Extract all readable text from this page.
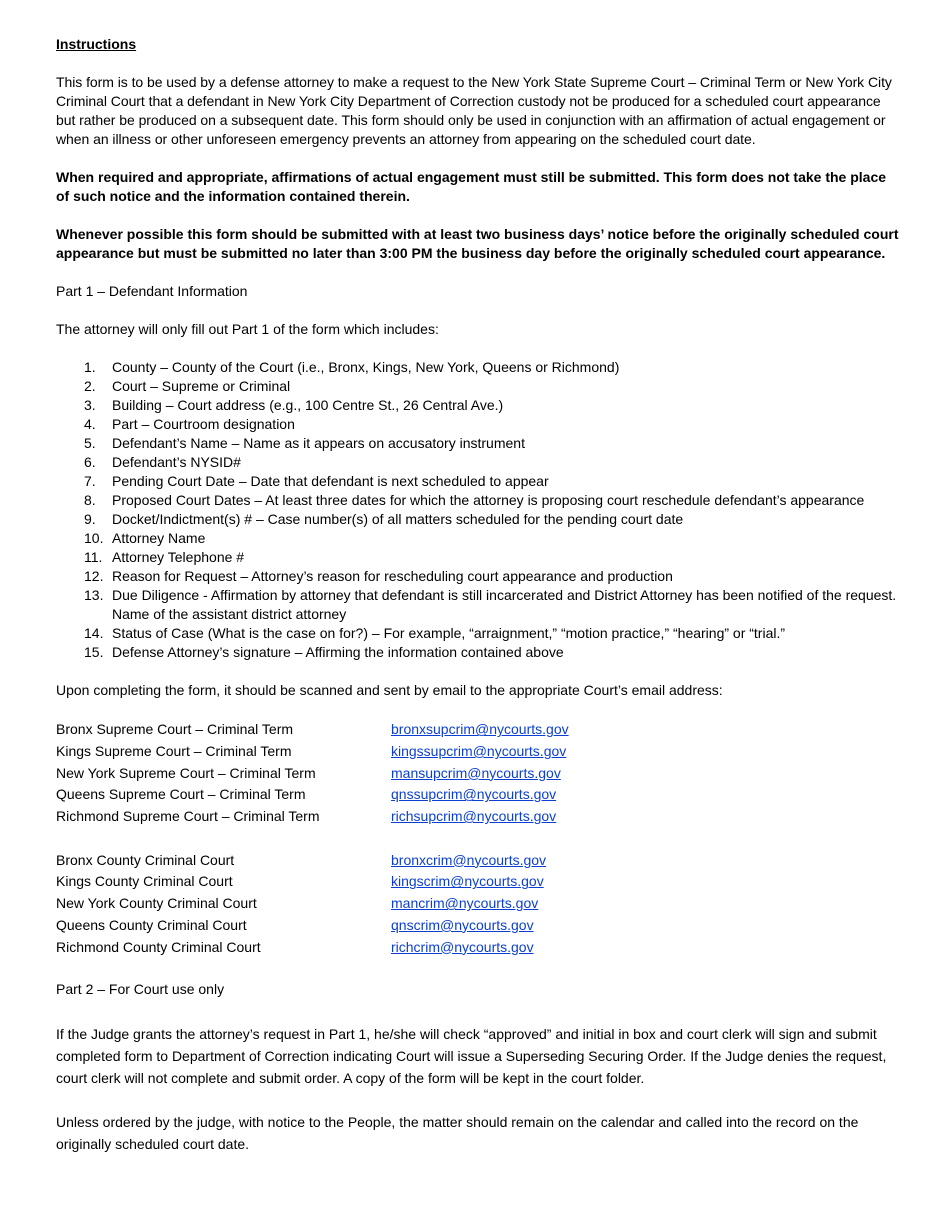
Instructions

This form is to be used by a defense attorney to make a request to the New York State Supreme Court – Criminal Term or New York City Criminal Court that a defendant in New York City Department of Correction custody not be produced for a scheduled court appearance but rather be produced on a subsequent date. This form should only be used in conjunction with an affirmation of actual engagement or when an illness or other unforeseen emergency prevents an attorney from appearing on the scheduled court date.

When required and appropriate, affirmations of actual engagement must still be submitted. This form does not take the place of such notice and the information contained therein.

Whenever possible this form should be submitted with at least two business days’ notice before the originally scheduled court appearance but must be submitted no later than 3:00 PM the business day before the originally scheduled court appearance.

Part 1 – Defendant Information

The attorney will only fill out Part 1 of the form which includes:

1. County – County of the Court (i.e., Bronx, Kings, New York, Queens or Richmond)
2. Court – Supreme or Criminal
3. Building – Court address (e.g., 100 Centre St., 26 Central Ave.)
4. Part – Courtroom designation
5. Defendant’s Name – Name as it appears on accusatory instrument
6. Defendant’s NYSID#
7. Pending Court Date – Date that defendant is next scheduled to appear
8. Proposed Court Dates – At least three dates for which the attorney is proposing court reschedule defendant’s appearance
9. Docket/Indictment(s) # – Case number(s) of all matters scheduled for the pending court date
10. Attorney Name
11. Attorney Telephone #
12. Reason for Request – Attorney’s reason for rescheduling court appearance and production
13. Due Diligence - Affirmation by attorney that defendant is still incarcerated and District Attorney has been notified of the request. Name of the assistant district attorney
14. Status of Case (What is the case on for?) – For example, “arraignment,” “motion practice,” “hearing” or “trial.”
15. Defense Attorney’s signature – Affirming the information contained above

Upon completing the form, it should be scanned and sent by email to the appropriate Court’s email address:

Bronx Supreme Court – Criminal Term	bronxsupcrim@nycourts.gov
Kings Supreme Court – Criminal Term	kingssupcrim@nycourts.gov
New York Supreme Court – Criminal Term	mansupcrim@nycourts.gov
Queens Supreme Court – Criminal Term	qnssupcrim@nycourts.gov
Richmond Supreme Court – Criminal Term	richsupcrim@nycourts.gov

Bronx County Criminal Court	bronxcrim@nycourts.gov
Kings County Criminal Court	kingscrim@nycourts.gov
New York County Criminal Court	mancrim@nycourts.gov
Queens County Criminal Court	qnscrim@nycourts.gov
Richmond County Criminal Court	richcrim@nycourts.gov

Part 2 – For Court use only

If the Judge grants the attorney’s request in Part 1, he/she will check “approved” and initial in box and court clerk will sign and submit completed form to Department of Correction indicating Court will issue a Superseding Securing Order. If the Judge denies the request, court clerk will not complete and submit order. A copy of the form will be kept in the court folder.

Unless ordered by the judge, with notice to the People, the matter should remain on the calendar and called into the record on the originally scheduled court date.
